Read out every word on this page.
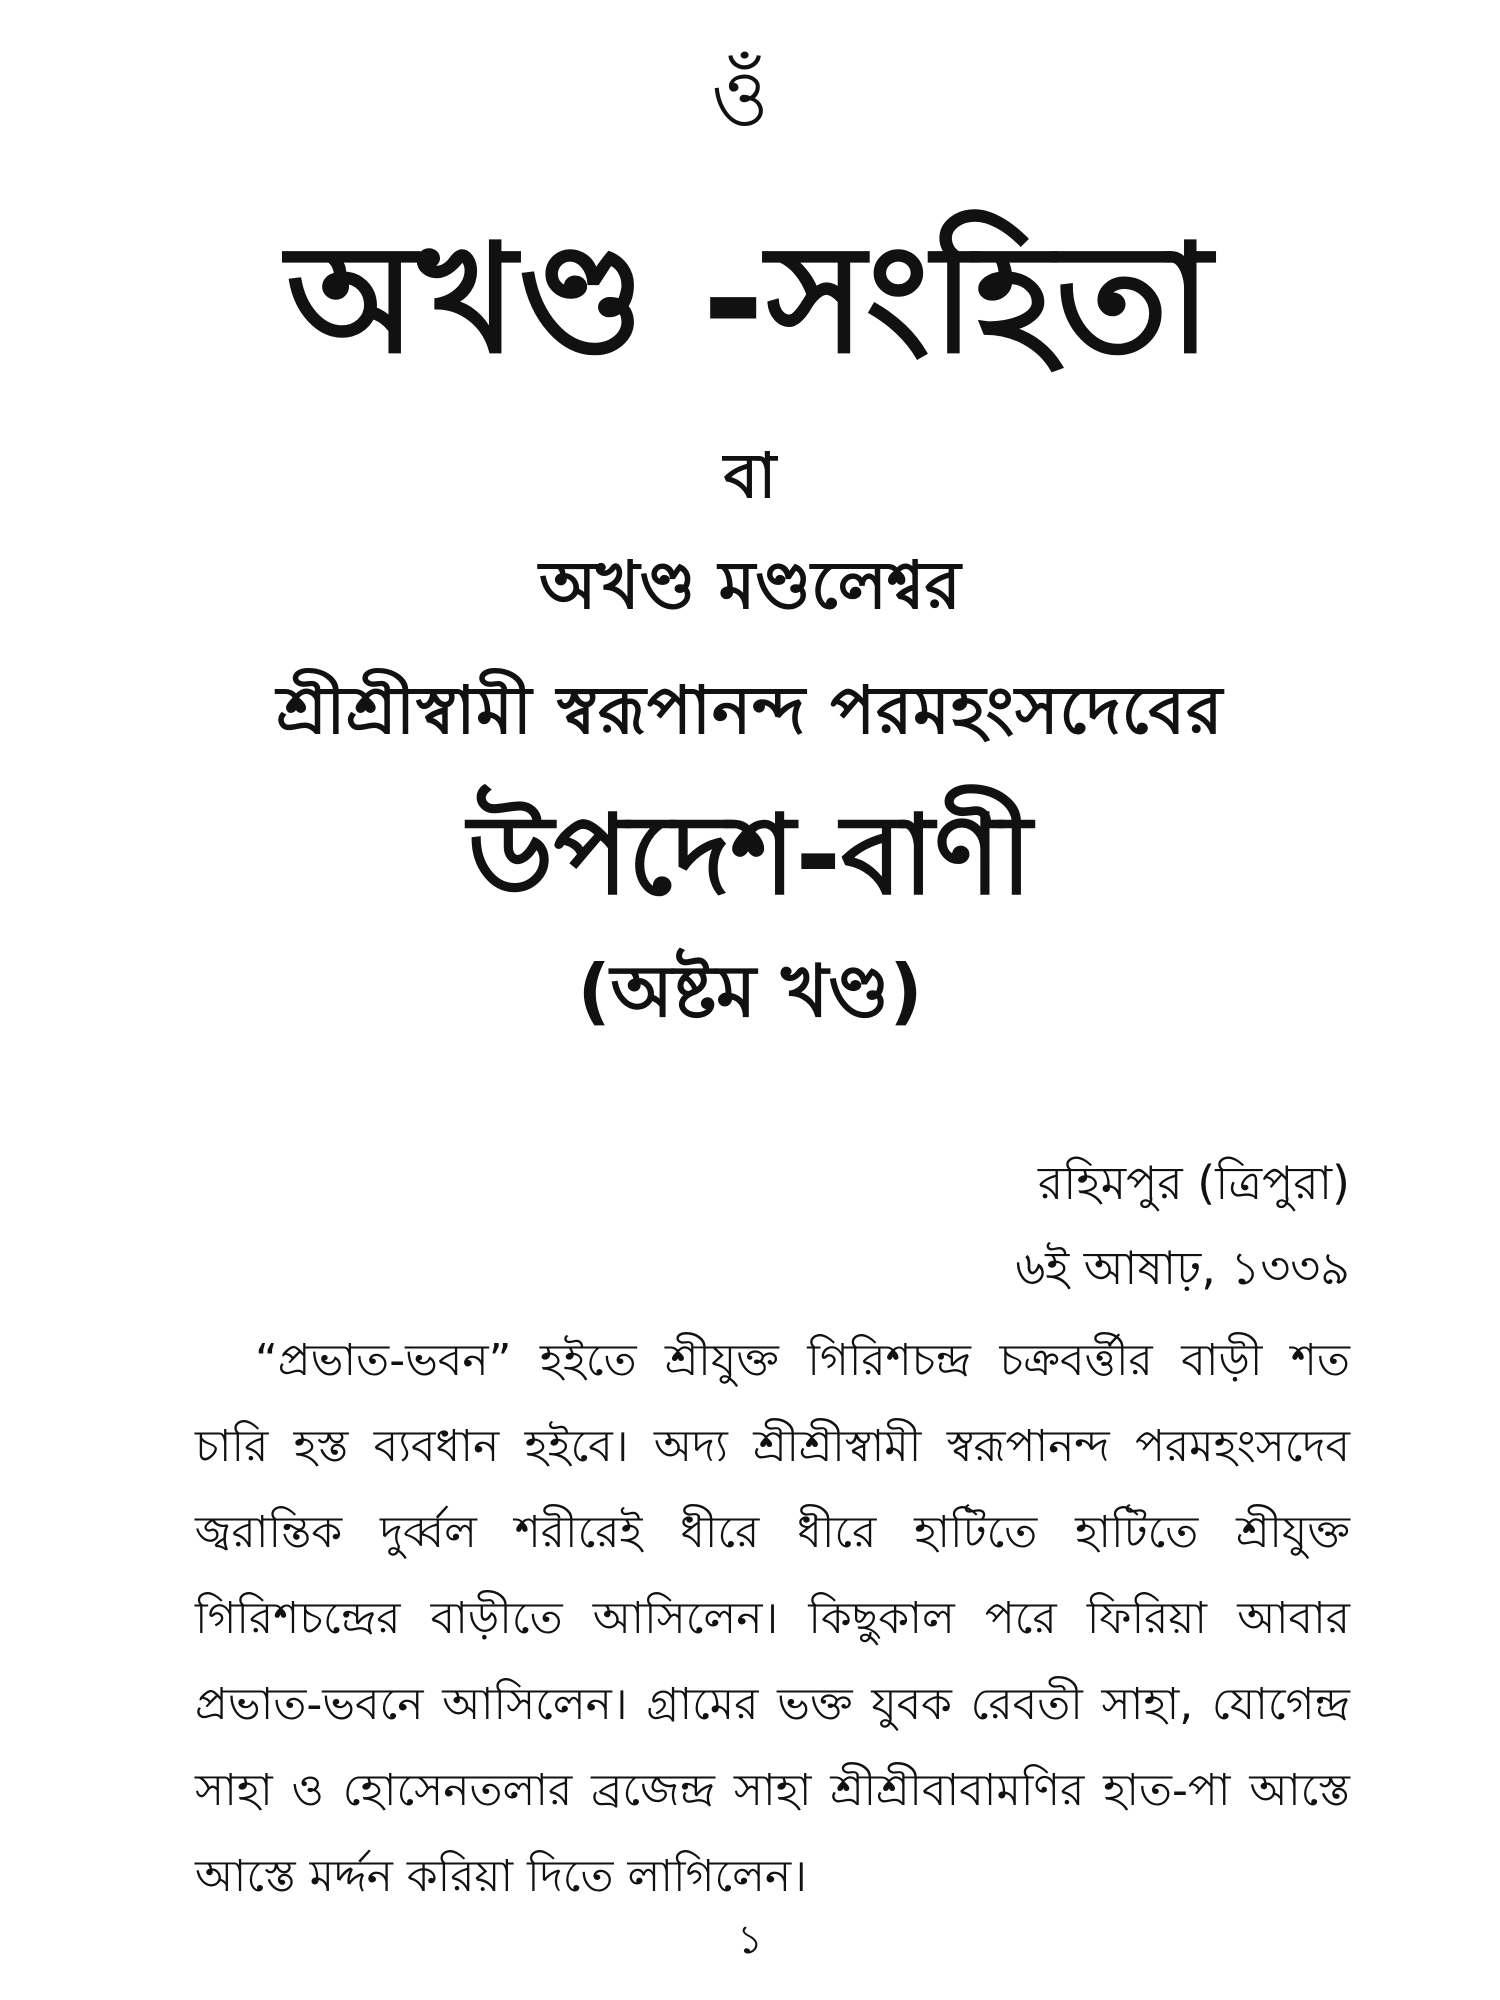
ওঁ
অখণ্ড -সংহিতা
বা
অখণ্ড মণ্ডলেশ্বর
শ্রীশ্রীস্বামী স্বরূপানন্দ পরমহংসদেবের
উপদেশ-বাণী
(অষ্টম খণ্ড)
রহিমপুর (ত্রিপুরা)
৬ই আষাঢ়, ১৩৩৯

“প্রভাত-ভবন” হইতে শ্রীযুক্ত গিরিশচন্দ্র চক্রবর্ত্তীর বাড়ী শত চারি হস্ত ব্যবধান হইবে। অদ্য শ্রীশ্রীস্বামী স্বরূপানন্দ পরমহংসদেব জ্বরান্তিক দুর্ব্বল শরীরেই ধীরে ধীরে হাটিতে হাটিতে শ্রীযুক্ত গিরিশচন্দ্রের বাড়ীতে আসিলেন। কিছুকাল পরে ফিরিয়া আবার প্রভাত-ভবনে আসিলেন। গ্রামের ভক্ত যুবক রেবতী সাহা, যোগেন্দ্র সাহা ও হোসেনতলার ব্রজেন্দ্র সাহা শ্রীশ্রীবাবামণির হাত-পা আস্তে আস্তে মর্দ্দন করিয়া দিতে লাগিলেন।

১
